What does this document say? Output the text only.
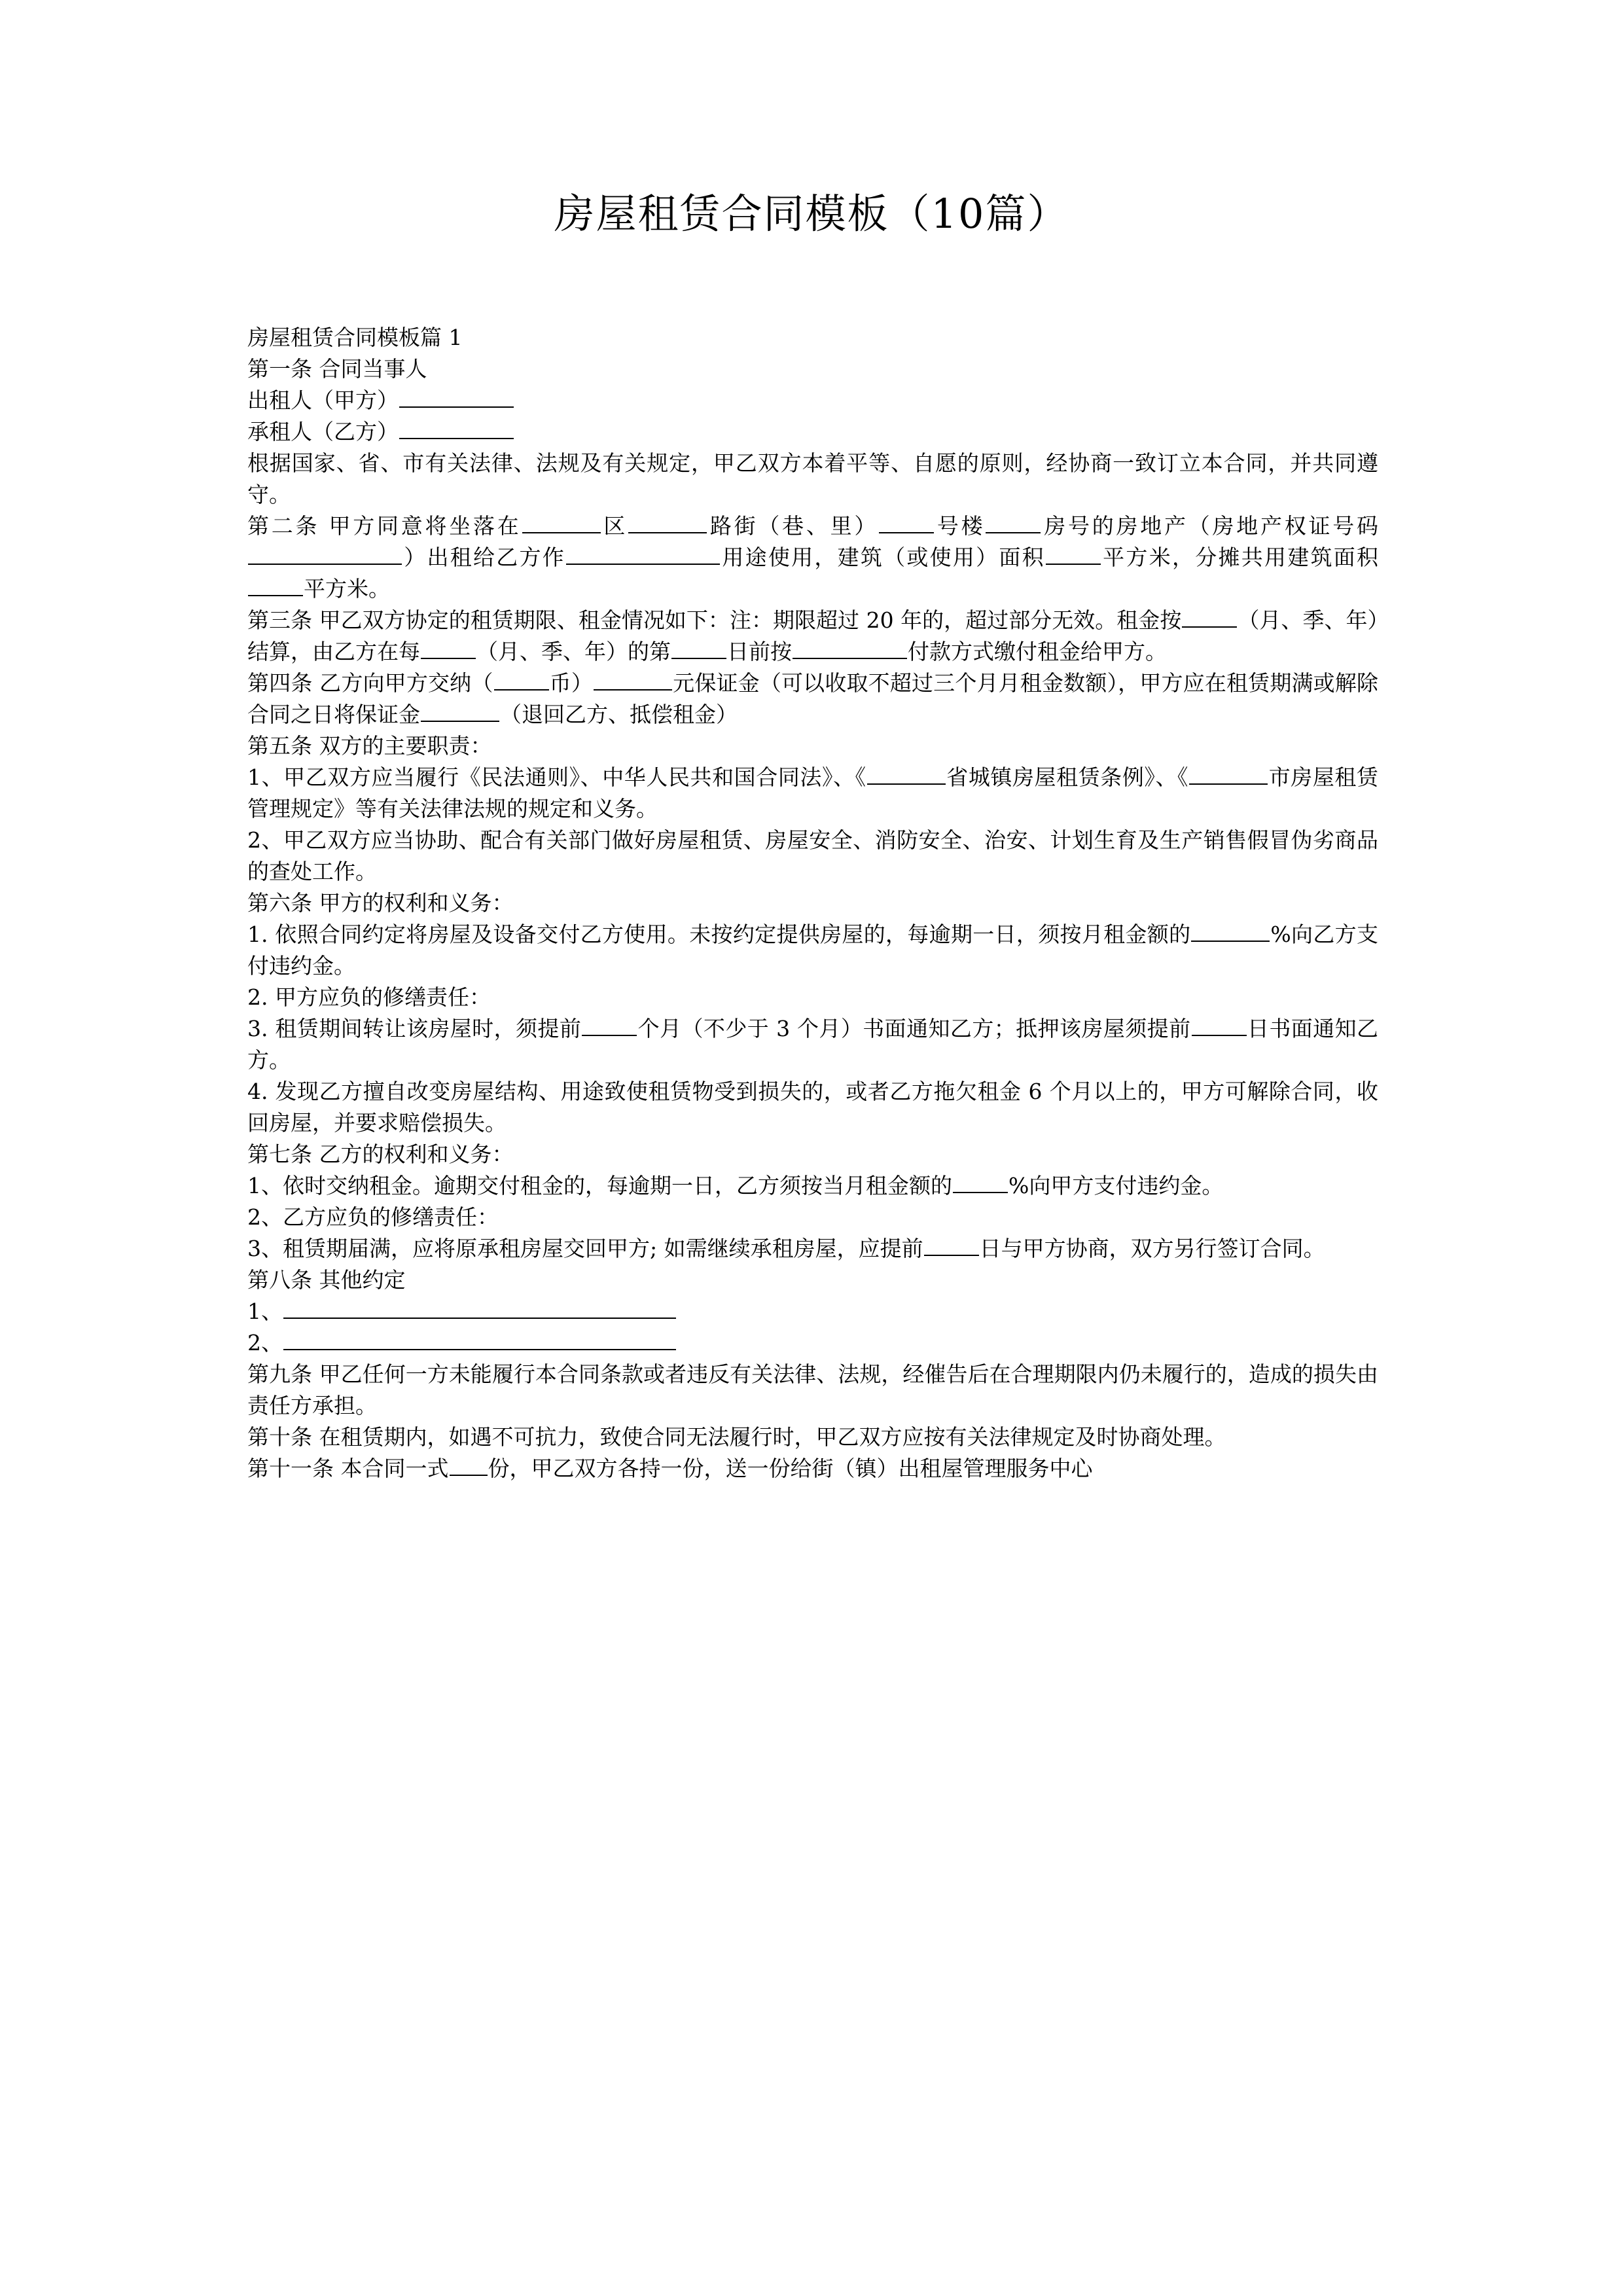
房屋租赁合同模板（10篇）

房屋租赁合同模板篇 1

第一条 合同当事人

出租人（甲方）

承租人（乙方）

根据国家、省、市有关法律、法规及有关规定，甲乙双方本着平等、自愿的原则，经协商一致订立本合同，并共同遵守。

第二条 甲方同意将坐落在	区	路街（巷、里）	号楼	房号的房地产（房地产权证号码）出租给乙方作	用途使用，建筑（或使用）面积	平方米，分摊共用建筑面积平方米。

第三条 甲乙双方协定的租赁期限、租金情况如下：注：期限超过 20 年的，超过部分无效。租金按	（月、季、年）结算，由乙方在每	（月、季、年）的第	日前按	付款方式缴付租金给甲方。

第四条 乙方向甲方交纳（	币）	元保证金（可以收取不超过三个月月租金数额），甲方应在租赁期满或解除合同之日将保证金	（退回乙方、抵偿租金）

第五条 双方的主要职责：

1、甲乙双方应当履行《民法通则》、中华人民共和国合同法》、《	省城镇房屋租赁条例》、《	市房屋租赁管理规定》等有关法律法规的规定和义务。

2、甲乙双方应当协助、配合有关部门做好房屋租赁、房屋安全、消防安全、治安、计划生育及生产销售假冒伪劣商品的查处工作。

第六条 甲方的权利和义务：

1. 依照合同约定将房屋及设备交付乙方使用。未按约定提供房屋的，每逾期一日，须按月租金额的	%向乙方支付违约金。

2. 甲方应负的修缮责任：

3. 租赁期间转让该房屋时，须提前	个月（不少于 3 个月）书面通知乙方；抵押该房屋须提前	日书面通知乙方。

4. 发现乙方擅自改变房屋结构、用途致使租赁物受到损失的，或者乙方拖欠租金 6 个月以上的，甲方可解除合同，收回房屋，并要求赔偿损失。

第七条 乙方的权利和义务：

1、依时交纳租金。逾期交付租金的，每逾期一日，乙方须按当月租金额的	%向甲方支付违约金。

2、乙方应负的修缮责任：

3、租赁期届满，应将原承租房屋交回甲方; 如需继续承租房屋，应提前	日与甲方协商，双方另行签订合同。

第八条 其他约定

1、

2、

第九条 甲乙任何一方未能履行本合同条款或者违反有关法律、法规，经催告后在合理期限内仍未履行的，造成的损失由责任方承担。

第十条 在租赁期内，如遇不可抗力，致使合同无法履行时，甲乙双方应按有关法律规定及时协商处理。

第十一条 本合同一式 份，甲乙双方各持一份，送一份给街（镇）出租屋管理服务中心
